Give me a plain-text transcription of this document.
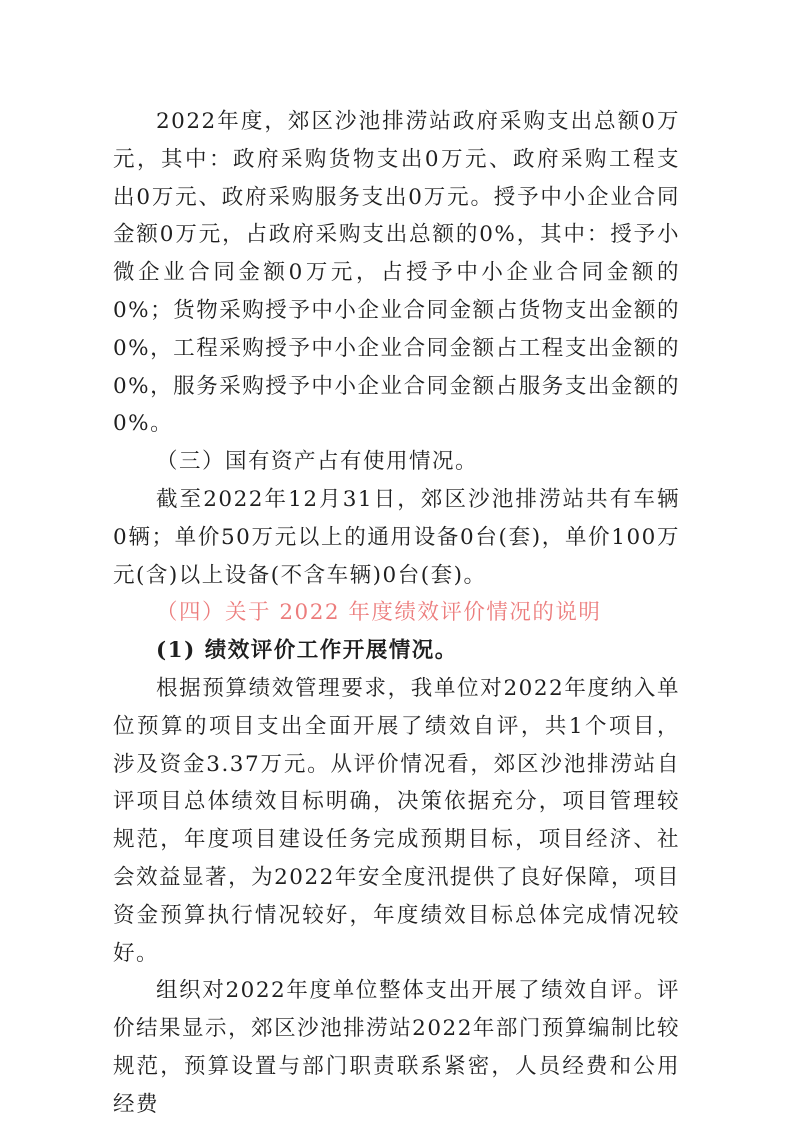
2022年度，郊区沙池排涝站政府采购支出总额0万元，其中：政府采购货物支出0万元、政府采购工程支出0万元、政府采购服务支出0万元。授予中小企业合同金额0万元，占政府采购支出总额的0%，其中：授予小微企业合同金额0万元，占授予中小企业合同金额的0%；货物采购授予中小企业合同金额占货物支出金额的0%，工程采购授予中小企业合同金额占工程支出金额的0%，服务采购授予中小企业合同金额占服务支出金额的0%。

（三）国有资产占有使用情况。

截至2022年12月31日，郊区沙池排涝站共有车辆0辆；单价50万元以上的通用设备0台(套)，单价100万元(含)以上设备(不含车辆)0台(套)。

（四）关于 2022 年度绩效评价情况的说明

(1) 绩效评价工作开展情况。

根据预算绩效管理要求，我单位对2022年度纳入单位预算的项目支出全面开展了绩效自评，共1个项目，涉及资金3.37万元。从评价情况看，郊区沙池排涝站自评项目总体绩效目标明确，决策依据充分，项目管理较规范，年度项目建设任务完成预期目标，项目经济、社会效益显著，为2022年安全度汛提供了良好保障，项目资金预算执行情况较好，年度绩效目标总体完成情况较好。

组织对2022年度单位整体支出开展了绩效自评。评价结果显示，郊区沙池排涝站2022年部门预算编制比较规范，预算设置与部门职责联系紧密，人员经费和公用经费
